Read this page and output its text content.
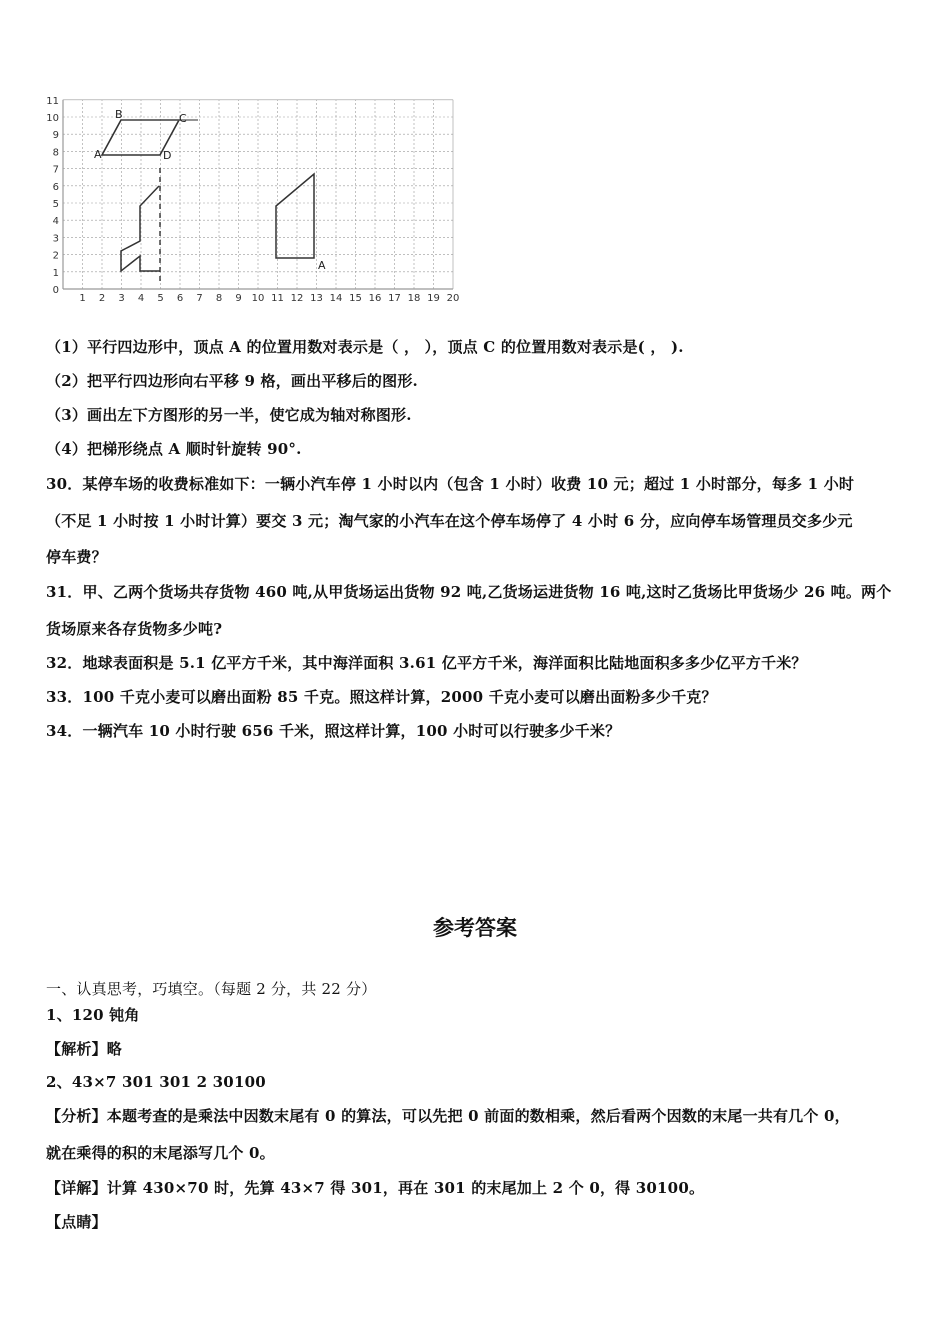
1 2 3 4 5 6 7 8 9 10 11 12 13 14 15 16 17 18 19 20
0
1
2
3
4
5
6
7
8
9
10
11
A
B	C
D
A
（1）平行四边形中，顶点 A 的位置用数对表示是（ ， ），顶点 C 的位置用数对表示是( ， ).
（2）把平行四边形向右平移 9 格，画出平移后的图形.
（3）画出左下方图形的另一半，使它成为轴对称图形.
（4）把梯形绕点 A 顺时针旋转 90°.
30．某停车场的收费标准如下：一辆小汽车停 1 小时以内（包含 1 小时）收费 10 元；超过 1 小时部分，每多 1 小时
（不足 1 小时按 1 小时计算）要交 3 元；淘气家的小汽车在这个停车场停了 4 小时 6 分，应向停车场管理员交多少元
停车费？
31．甲、乙两个货场共存货物 460 吨,从甲货场运出货物 92 吨,乙货场运进货物 16 吨,这时乙货场比甲货场少 26 吨。两个
货场原来各存货物多少吨?
32．地球表面积是 5.1 亿平方千米，其中海洋面积 3.61 亿平方千米，海洋面积比陆地面积多多少亿平方千米？
33．100 千克小麦可以磨出面粉 85 千克。照这样计算，2000 千克小麦可以磨出面粉多少千克？
34．一辆汽车 10 小时行驶 656 千米，照这样计算，100 小时可以行驶多少千米？
参考答案
一、认真思考，巧填空。（每题 2 分，共 22 分）
1、120 钝角
【解析】略
2、43×7 301 301 2 30100
【分析】本题考查的是乘法中因数末尾有 0 的算法，可以先把 0 前面的数相乘，然后看两个因数的末尾一共有几个 0，
就在乘得的积的末尾添写几个 0。
【详解】计算 430×70 时，先算 43×7 得 301，再在 301 的末尾加上 2 个 0，得 30100。
【点睛】
